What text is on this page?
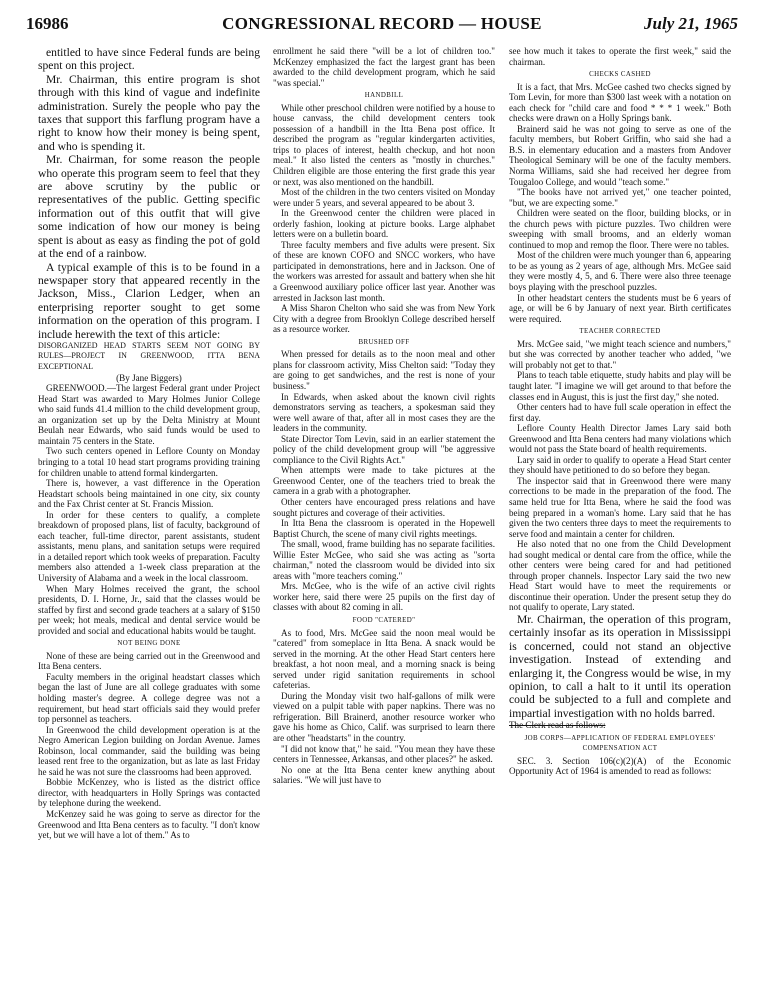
16986	CONGRESSIONAL RECORD — HOUSE	July 21, 1965

entitled to have since Federal funds are being spent on this project.

Mr. Chairman, this entire program is shot through with this kind of vague and indefinite administration. Surely the people who pay the taxes that support this farflung program have a right to know how their money is being spent, and who is spending it.

Mr. Chairman, for some reason the people who operate this program seem to feel that they are above scrutiny by the public or representatives of the public. Getting specific information out of this outfit that will give some indication of how our money is being spent is about as easy as finding the pot of gold at the end of a rainbow.

A typical example of this is to be found in a newspaper story that appeared recently in the Jackson, Miss., Clarion Ledger, when an enterprising reporter sought to get some information on the operation of this program. I include herewith the text of this article:

DISORGANIZED HEAD STARTS SEEM NOT GOING BY RULES—PROJECT IN GREENWOOD, ITTA BENA EXCEPTIONAL

(By Jane Biggers)

GREENWOOD.—The largest Federal grant under Project Head Start was awarded to Mary Holmes Junior College who said funds 41.4 million to the child development group, an organization set up by the Delta Ministry at Mount Beulah near Edwards, who said funds would be used to maintain 75 centers in the State.

Two such centers opened in Leflore County on Monday bringing to a total 10 head start programs providing training for children unable to attend formal kindergarten.

There is, however, a vast difference in the Operation Headstart schools being maintained in one city, six county and the Fax Christ center at St. Francis Mission.

In order for these centers to qualify, a complete breakdown of proposed plans, list of faculty, background of each teacher, full-time director, parent assistants, student assistants, menu plans, and sanitation setups were required in a detailed report which took weeks of preparation. Faculty members also attended a 1-week class preparation at the University of Alabama and a week in the local classroom.

When Mary Holmes received the grant, the school presidents, D. I. Horne, Jr., said that the classes would be staffed by first and second grade teachers at a salary of $150 per week; hot meals, medical and dental service would be provided and social and educational habits would be taught.

NOT BEING DONE

None of these are being carried out in the Greenwood and Itta Bena centers.

Faculty members in the original headstart classes which began the last of June are all college graduates with some holding master's degree. A college degree was not a requirement, but head start officials said they would prefer top personnel as teachers.

In Greenwood the child development operation is at the Negro American Legion building on Jordan Avenue. James Robinson, local commander, said the building was being leased rent free to the organization, but as late as last Friday he said he was not sure the classrooms had been approved.

Bobbie McKenzey, who is listed as the district office director, with headquarters in Holly Springs was contacted by telephone during the weekend.

McKenzey said he was going to serve as director for the Greenwood and Itta Bena centers as to faculty. "I don't know yet, but we will have a lot of them." As to

enrollment he said there "will be a lot of children too." McKenzey emphasized the fact the largest grant has been awarded to the child development program, which he said "was special."

HANDBILL

While other preschool children were notified by a house to house canvass, the child development centers took possession of a handbill in the Itta Bena post office. It described the program as "regular kindergarten activities, trips to places of interest, health checkup, and hot noon meal." It also listed the centers as "mostly in churches." Children eligible are those entering the first grade this year or next, was also mentioned on the handbill.

Most of the children in the two centers visited on Monday were under 5 years, and several appeared to be about 3.

In the Greenwood center the children were placed in orderly fashion, looking at picture books. Large alphabet letters were on a bulletin board.

Three faculty members and five adults were present. Six of these are known COFO and SNCC workers, who have participated in demonstrations, here and in Jackson. One of the workers was arrested for assault and battery when she hit a Greenwood auxiliary police officer last year. Another was arrested in Jackson last month.

A Miss Sharon Chelton who said she was from New York City with a degree from Brooklyn College described herself as a resource worker.

BRUSHED OFF

When pressed for details as to the noon meal and other plans for classroom activity, Miss Chelton said: "Today they are going to get sandwiches, and the rest is none of your business."

In Edwards, when asked about the known civil rights demonstrators serving as teachers, a spokesman said they were well aware of that, after all in most cases they are the leaders in the community.

State Director Tom Levin, said in an earlier statement the policy of the child development group will "be aggressive compliance to the Civil Rights Act."

When attempts were made to take pictures at the Greenwood Center, one of the teachers tried to break the camera in a grab with a photographer.

Other centers have encouraged press relations and have sought pictures and coverage of their activities.

In Itta Bena the classroom is operated in the Hopewell Baptist Church, the scene of many civil rights meetings.

The small, wood, frame building has no separate facilities. Willie Ester McGee, who said she was acting as "sorta chairman," noted the classroom would be divided into six areas with "more teachers coming."

Mrs. McGee, who is the wife of an active civil rights worker here, said there were 25 pupils on the first day of classes with about 82 coming in all.

FOOD "CATERED"

As to food, Mrs. McGee said the noon meal would be "catered" from someplace in Itta Bena. A snack would be served in the morning. At the other Head Start centers here breakfast, a hot noon meal, and a morning snack is being served under rigid sanitation requirements in school cafeterias.

During the Monday visit two half-gallons of milk were viewed on a pulpit table with paper napkins. There was no refrigeration. Bill Brainerd, another resource worker who gave his home as Chico, Calif. was surprised to learn there are other "headstarts" in the country.

"I did not know that," he said. "You mean they have these centers in Tennessee, Arkansas, and other places?" he asked.

No one at the Itta Bena center knew anything about salaries. "We will just have to

see how much it takes to operate the first week," said the chairman.

CHECKS CASHED

It is a fact, that Mrs. McGee cashed two checks signed by Tom Levin, for more than $300 last week with a notation on each check for "child care and food * * * 1 week." Both checks were drawn on a Holly Springs bank.

Brainerd said he was not going to serve as one of the faculty members, but Robert Griffin, who said she had a B.S. in elementary education and a masters from Andover Theological Seminary will be one of the faculty members. Norma Williams, said she had received her degree from Tougaloo College, and would "teach some."

"The books have not arrived yet," one teacher pointed, "but, we are expecting some."

Children were seated on the floor, building blocks, or in the church pews with picture puzzles. Two children were sweeping with small brooms, and an elderly woman continued to mop and remop the floor. There were no tables.

Most of the children were much younger than 6, appearing to be as young as 2 years of age, although Mrs. McGee said they were mostly 4, 5, and 6. There were also three teenage boys playing with the preschool puzzles.

In other headstart centers the students must be 6 years of age, or will be 6 by January of next year. Birth certificates were required.

TEACHER CORRECTED

Mrs. McGee said, "we might teach science and numbers," but she was corrected by another teacher who added, "we will probably not get to that."

Plans to teach table etiquette, study habits and play will be taught later. "I imagine we will get around to that before the classes end in August, this is just the first day," she noted.

Other centers had to have full scale operation in effect the first day.

Leflore County Health Director James Lary said both Greenwood and Itta Bena centers had many violations which would not pass the State board of health requirements.

Lary said in order to qualify to operate a Head Start center they should have petitioned to do so before they began.

The inspector said that in Greenwood there were many corrections to be made in the preparation of the food. The same held true for Itta Bena, where he said the food was being prepared in a woman's home. Lary said that he has given the two centers three days to meet the requirements to serve food and maintain a center for children.

He also noted that no one from the Child Development had sought medical or dental care from the office, while the other centers were being cared for and had petitioned through proper channels. Inspector Lary said the two new Head Start would have to meet the requirements or discontinue their operation. Under the present setup they do not qualify to operate, Lary stated.

Mr. Chairman, the operation of this program, certainly insofar as its operation in Mississippi is concerned, could not stand an objective investigation. Instead of extending and enlarging it, the Congress would be wise, in my opinion, to call a halt to it until its operation could be subjected to a full and complete and impartial investigation with no holds barred.

The Clerk read as follows:

JOB CORPS—APPLICATION OF FEDERAL EMPLOYEES' COMPENSATION ACT

SEC. 3. Section 106(c)(2)(A) of the Economic Opportunity Act of 1964 is amended to read as follows:
